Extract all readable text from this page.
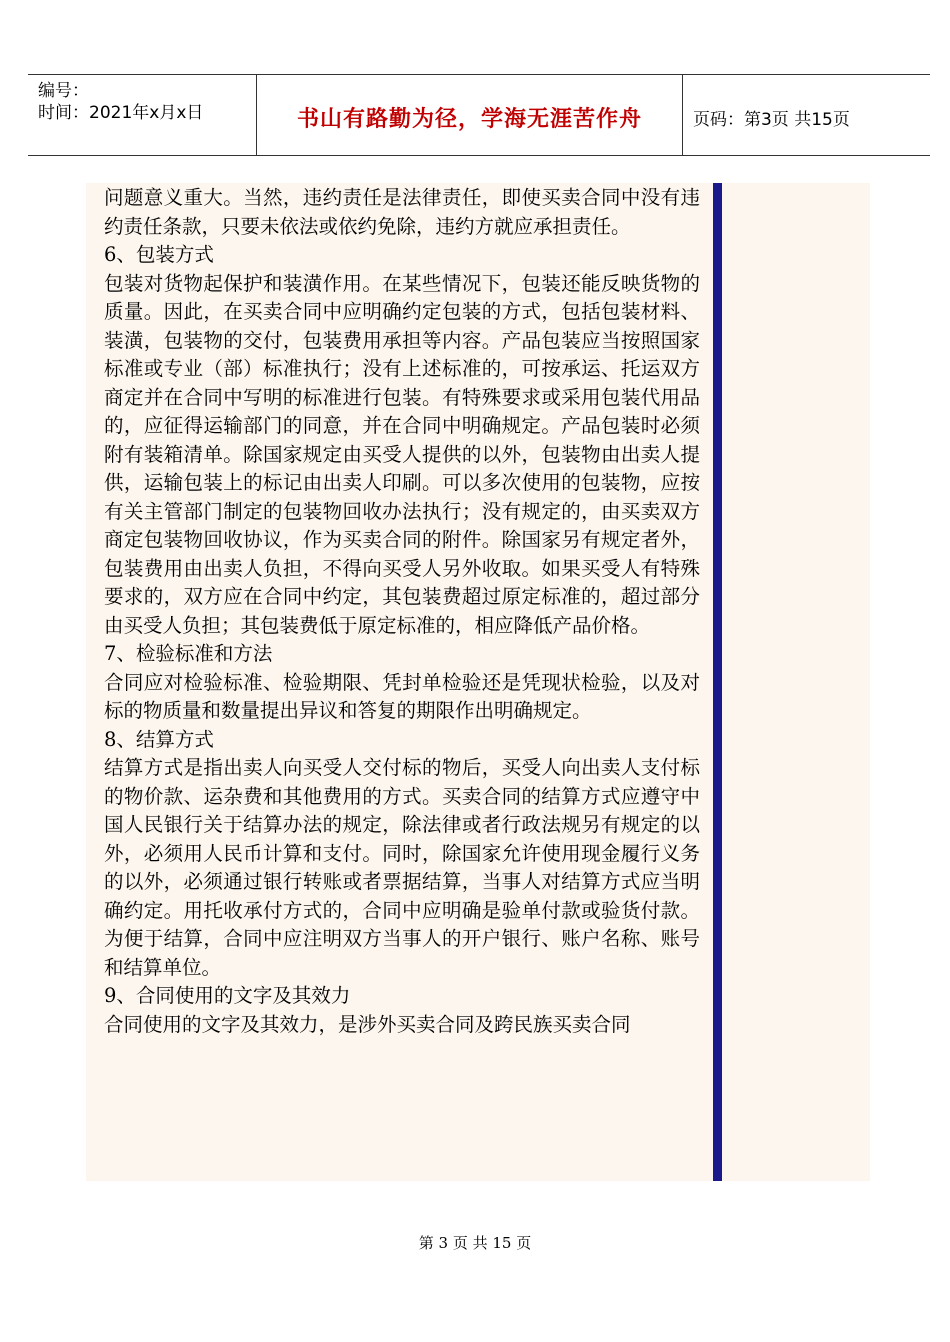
编号：
时间：2021年x月x日	书山有路勤为径，学海无涯苦作舟	页码：第3页 共15页

问题意义重大。当然，违约责任是法律责任，即使买卖合同中没有违约责任条款，只要未依法或依约免除，违约方就应承担责任。

6、包装方式

包装对货物起保护和装潢作用。在某些情况下，包装还能反映货物的质量。因此，在买卖合同中应明确约定包装的方式，包括包装材料、装潢，包装物的交付，包装费用承担等内容。产品包装应当按照国家标准或专业（部）标准执行；没有上述标准的，可按承运、托运双方商定并在合同中写明的标准进行包装。有特殊要求或采用包装代用品的，应征得运输部门的同意，并在合同中明确规定。产品包装时必须附有装箱清单。除国家规定由买受人提供的以外，包装物由出卖人提供，运输包装上的标记由出卖人印刷。可以多次使用的包装物，应按有关主管部门制定的包装物回收办法执行；没有规定的，由买卖双方商定包装物回收协议，作为买卖合同的附件。除国家另有规定者外，包装费用由出卖人负担，不得向买受人另外收取。如果买受人有特殊要求的，双方应在合同中约定，其包装费超过原定标准的，超过部分由买受人负担；其包装费低于原定标准的，相应降低产品价格。

7、检验标准和方法

合同应对检验标准、检验期限、凭封单检验还是凭现状检验，以及对标的物质量和数量提出异议和答复的期限作出明确规定。

8、结算方式

结算方式是指出卖人向买受人交付标的物后，买受人向出卖人支付标的物价款、运杂费和其他费用的方式。买卖合同的结算方式应遵守中国人民银行关于结算办法的规定，除法律或者行政法规另有规定的以外，必须用人民币计算和支付。同时，除国家允许使用现金履行义务 的以外，必须通过银行转账或者票据结算，当事人对结算方式应当明确约定。用托收承付方式的，合同中应明确是验单付款或验货付款。为便于结算，合同中应注明双方当事人的开户银行、账户名称、账号和结算单位。

9、合同使用的文字及其效力

合同使用的文字及其效力，是涉外买卖合同及跨民族买卖合同

第 3 页 共 15 页
